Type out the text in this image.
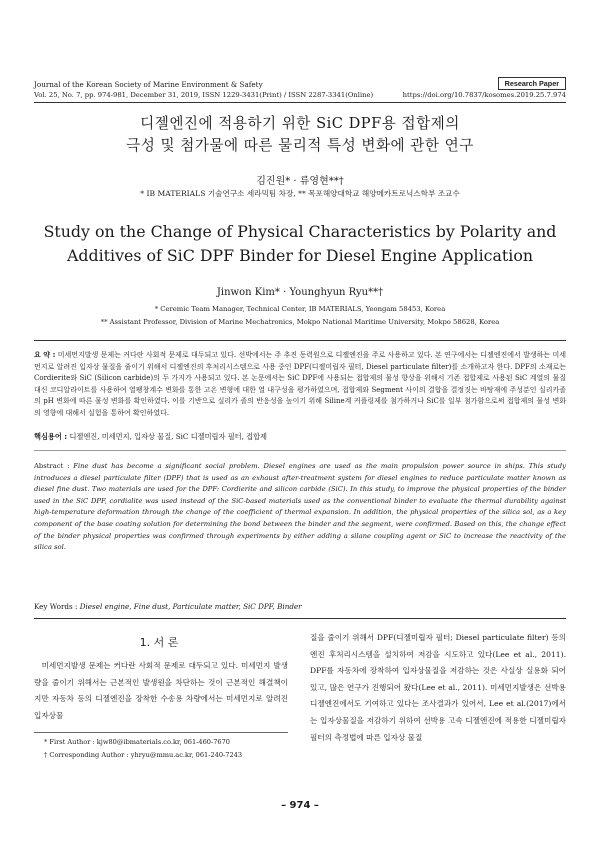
Journal of the Korean Society of Marine Environment & Safety	Research Paper
Vol. 25, No. 7, pp. 974-981, December 31, 2019, ISSN 1229-3431(Print) / ISSN 2287-3341(Online)	https://doi.org/10.7837/kosomes.2019.25.7.974
디젤엔진에 적용하기 위한 SiC DPF용 접합제의
극성 및 첨가물에 따른 물리적 특성 변화에 관한 연구
김진원* · 류영현**†
* IB MATERIALS 기술연구소 세라믹팀 차장, ** 목포해양대학교 해양메카트로닉스학부 조교수
Study on the Change of Physical Characteristics by Polarity and
Additives of SiC DPF Binder for Diesel Engine Application
Jinwon Kim* · Younghyun Ryu**†
* Ceremic Team Manager, Technical Center, IB MATERIALS, Yeongam 58453, Korea
** Assistant Professor, Division of Marine Mechatronics, Mokpo National Maritime University, Mokpo 58628, Korea
요 약 : 미세먼지발생 문제는 커다란 사회적 문제로 대두되고 있다. 선박에서는 주 추진 동력원으로 디젤엔진을 주로 사용하고 있다. 본 연구에서는 디젤엔진에서 발생하는 미세먼지로 알려진 입자상 물질을 줄이기 위해서 디젤엔진의 후처리시스템으로 사용 중인 DPF(디젤미립자 필터, Diesel particulate filter)를 소개하고자 한다. DPF의 소재로는 Cordierite와 SiC (Silicon carbide)의 두 가지가 사용되고 있다. 본 논문에서는 SiC DPF에 사용되는 접합제의 물성 향상을 위해서 기존 접합제로 사용된 SiC 계열의 물질 대신 코디알라이트를 사용하여 열팽창계수 변화를 통한 고온 변형에 대한 열 내구성을 평가하였으며, 접합제와 Segment 사이의 결합을 결정짓는 바탕재에 주성분인 실리카졸의 pH 변화에 따른 물성 변화를 확인하였다. 이를 기반으로 실리카 졸의 반응성을 높이기 위해 Siline계 커플링제를 첨가하거나 SiC를 일부 첨가함으로써 접합제의 물성 변화의 영향에 대해서 실험을 통하여 확인하였다.
핵심용어 : 디젤엔진, 미세먼지, 입자상 물질, SiC 디젤미립자 필터, 접합제
Abstract : Fine dust has become a significant social problem. Diesel engines are used as the main propulsion power source in ships. This study introduces a diesel particulate filter (DPF) that is used as an exhaust after-treatment system for diesel engines to reduce particulate matter known as diesel fine dust. Two materials are used for the DPF: Cordierite and silicon carbide (SiC). In this study, to improve the physical properties of the binder used in the SiC DPF, cordialite was used instead of the SiC-based materials used as the conventional binder to evaluate the thermal durability against high-temperature deformation through the change of the coefficient of thermal expansion. In addition, the physical properties of the silica sol, as a key component of the base coating solution for determining the bond between the binder and the segment, were confirmed. Based on this, the change effect of the binder physical properties was confirmed through experiments by either adding a silane coupling agent or SiC to increase the reactivity of the silica sol.
Key Words : Diesel engine, Fine dust, Particulate matter, SiC DPF, Binder
1. 서 론
미세먼지발생 문제는 커다란 사회적 문제로 대두되고 있다. 미세먼지 발생량을 줄이기 위해서는 근본적인 발생원을 차단하는 것이 근본적인 해결책이지만 자동차 등의 디젤엔진을 장착한 수송용 차량에서는 미세먼지로 알려진 입자상물
질을 줄이기 위해서 DPF(디젤미립자 필터; Diesel particulate filter) 등의 엔진 후처리시스템을 설치하여 저감을 시도하고 있다(Lee et al., 2011). DPF를 자동차에 장착하여 입자상물질을 저감하는 것은 사실상 실용화 되어 있고, 많은 연구가 진행되어 왔다(Lee et al., 2011). 미세먼지발생은 선박용 디젤엔진에서도 기여하고 있다는 조사결과가 있어서, Lee et al.(2017)에서는 입자상물질을 저감하기 위하여 선박용 고속 디젤엔진에 적용한 디젤미립자 필터의 측정법에 따른 입자상 물질
* First Author : kjw80@ibmaterials.co.kr, 061-460-7670
† Corresponding Author : yhryu@mmu.ac.kr, 061-240-7243
– 974 –
